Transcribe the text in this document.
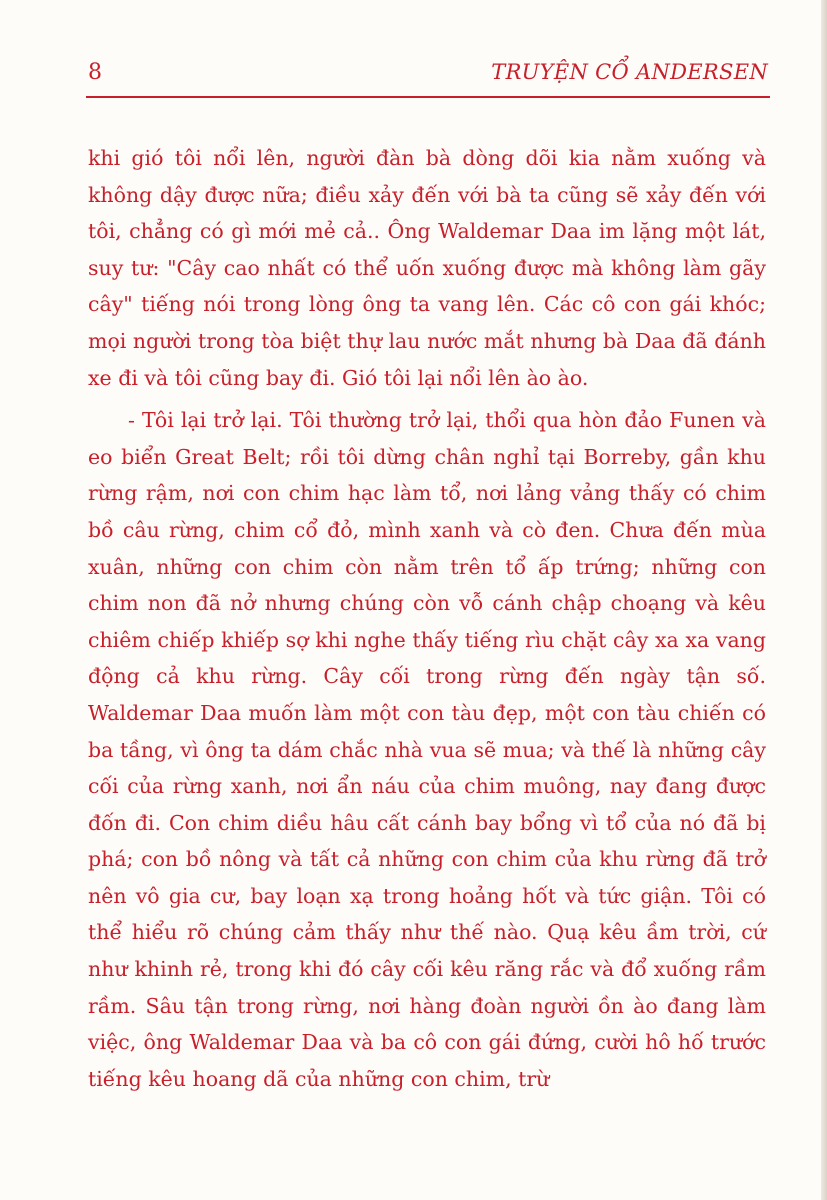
8	TRUYỆN CỔ ANDERSEN

khi gió tôi nổi lên, người đàn bà dòng dõi kia nằm xuống và không dậy được nữa; điều xảy đến với bà ta cũng sẽ xảy đến với tôi, chẳng có gì mới mẻ cả.. Ông Waldemar Daa im lặng một lát, suy tư: "Cây cao nhất có thể uốn xuống được mà không làm gãy cây" tiếng nói trong lòng ông ta vang lên. Các cô con gái khóc; mọi người trong tòa biệt thự lau nước mắt nhưng bà Daa đã đánh xe đi và tôi cũng bay đi. Gió tôi lại nổi lên ào ào.

- Tôi lại trở lại. Tôi thường trở lại, thổi qua hòn đảo Funen và eo biển Great Belt; rồi tôi dừng chân nghỉ tại Borreby, gần khu rừng rậm, nơi con chim hạc làm tổ, nơi lảng vảng thấy có chim bồ câu rừng, chim cổ đỏ, mình xanh và cò đen. Chưa đến mùa xuân, những con chim còn nằm trên tổ ấp trứng; những con chim non đã nở nhưng chúng còn vỗ cánh chập choạng và kêu chiêm chiếp khiếp sợ khi nghe thấy tiếng rìu chặt cây xa xa vang động cả khu rừng. Cây cối trong rừng đến ngày tận số. Waldemar Daa muốn làm một con tàu đẹp, một con tàu chiến có ba tầng, vì ông ta dám chắc nhà vua sẽ mua; và thế là những cây cối của rừng xanh, nơi ẩn náu của chim muông, nay đang được đốn đi. Con chim diều hâu cất cánh bay bổng vì tổ của nó đã bị phá; con bồ nông và tất cả những con chim của khu rừng đã trở nên vô gia cư, bay loạn xạ trong hoảng hốt và tức giận. Tôi có thể hiểu rõ chúng cảm thấy như thế nào. Quạ kêu ầm trời, cứ như khinh rẻ, trong khi đó cây cối kêu răng rắc và đổ xuống rầm rầm. Sâu tận trong rừng, nơi hàng đoàn người ồn ào đang làm việc, ông Waldemar Daa và ba cô con gái đứng, cười hô hố trước tiếng kêu hoang dã của những con chim, trừ
